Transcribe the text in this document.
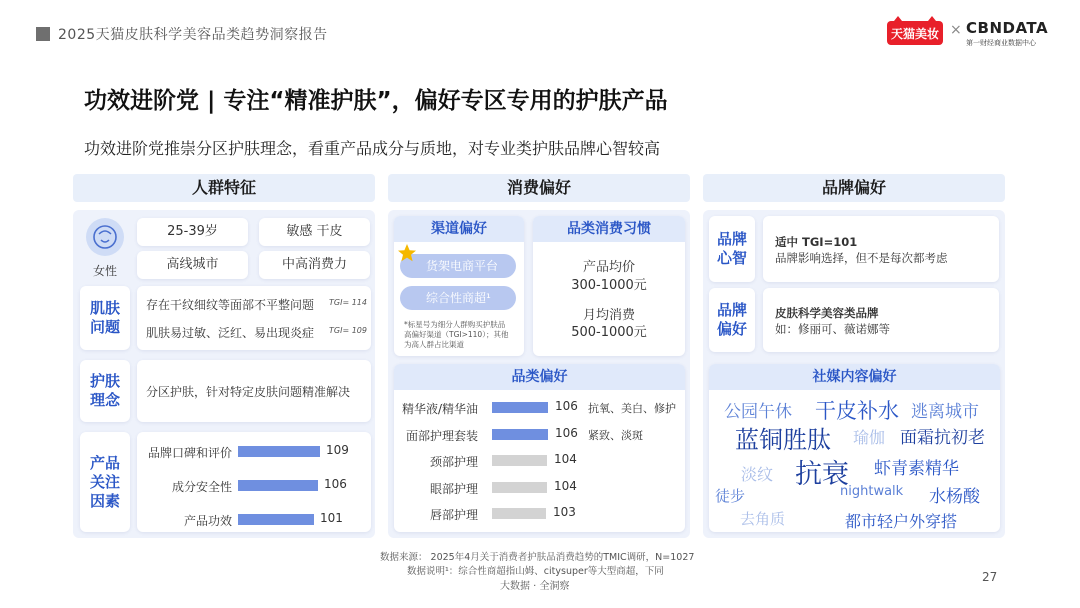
2025天猫皮肤科学美容品类趋势洞察报告	天猫美妆 × CBNDATA
第一财经商业数据中心
功效进阶党 | 专注“精准护肤”，偏好专区专用的护肤产品
功效进阶党推崇分区护肤理念，看重产品成分与质地，对专业类护肤品牌心智较高
人群特征	消费偏好	品牌偏好
女性
25-39岁	敏感 干皮
高线城市	中高消费力
肌肤
问题
存在干纹细纹等面部不平整问题 TGI= 114
肌肤易过敏、泛红、易出现炎症 TGI= 109
护肤
理念	分区护肤，针对特定皮肤问题精准解决
产品
关注
因素
品牌口碑和评价	109
成分安全性	106
产品功效	101
渠道偏好
货架电商平台
综合性商超¹
*标星号为细分人群购买护肤品
高偏好渠道（TGI>110）；其他
为高人群占比渠道
品类消费习惯
产品均价
300-1000元
月均消费
500-1000元
品类偏好
精华液/精华油	106 抗氧、美白、修护
面部护理套装	106 紧致、淡斑
颈部护理	104
眼部护理	104
唇部护理	103
品牌
心智
适中 TGI=101
品牌影响选择，但不是每次都考虑
品牌
偏好
皮肤科学美容类品牌
如：修丽可、薇诺娜等
社媒内容偏好
公园午休 干皮补水 逃离城市
蓝铜胜肽 瑜伽 面霜抗初老
淡纹 抗衰 虾青素精华
徒步	nightwalk 水杨酸
去角质	都市轻户外穿搭
数据来源： 2025年4月关于消费者护肤品消费趋势的TMIC调研，N=1027
数据说明¹：综合性商超指山姆、citysuper等大型商超，下同
大数据 · 全洞察
27
